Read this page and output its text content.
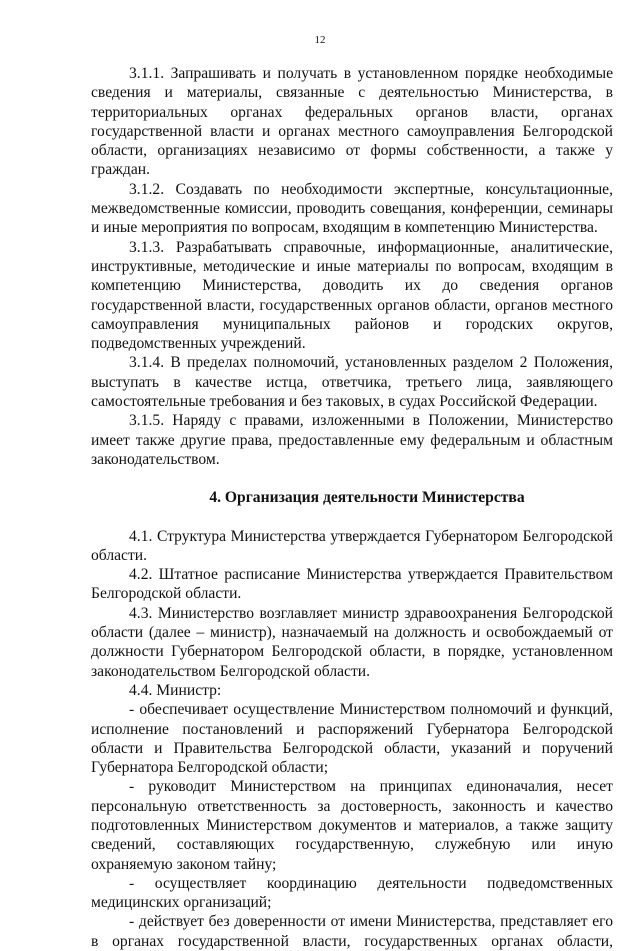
12

3.1.1. Запрашивать и получать в установленном порядке необходимые сведения и материалы, связанные с деятельностью Министерства, в территориальных органах федеральных органов власти, органах государственной власти и органах местного самоуправления Белгородской области, организациях независимо от формы собственности, а также у граждан.

3.1.2. Создавать по необходимости экспертные, консультационные, межведомственные комиссии, проводить совещания, конференции, семинары и иные мероприятия по вопросам, входящим в компетенцию Министерства.

3.1.3. Разрабатывать справочные, информационные, аналитические, инструктивные, методические и иные материалы по вопросам, входящим в компетенцию Министерства, доводить их до сведения органов государственной власти, государственных органов области, органов местного самоуправления муниципальных районов и городских округов, подведомственных учреждений.

3.1.4. В пределах полномочий, установленных разделом 2 Положения, выступать в качестве истца, ответчика, третьего лица, заявляющего самостоятельные требования и без таковых, в судах Российской Федерации.

3.1.5. Наряду с правами, изложенными в Положении, Министерство имеет также другие права, предоставленные ему федеральным и областным законодательством.

4. Организация деятельности Министерства

4.1. Структура Министерства утверждается Губернатором Белгородской области.

4.2. Штатное расписание Министерства утверждается Правительством Белгородской области.

4.3. Министерство возглавляет министр здравоохранения Белгородской области (далее – министр), назначаемый на должность и освобождаемый от должности Губернатором Белгородской области, в порядке, установленном законодательством Белгородской области.

4.4. Министр:

- обеспечивает осуществление Министерством полномочий и функций, исполнение постановлений и распоряжений Губернатора Белгородской области и Правительства Белгородской области, указаний и поручений Губернатора Белгородской области;

- руководит Министерством на принципах единоначалия, несет персональную ответственность за достоверность, законность и качество подготовленных Министерством документов и материалов, а также защиту сведений, составляющих государственную, служебную или иную охраняемую законом тайну;

- осуществляет координацию деятельности подведомственных медицинских организаций;

- действует без доверенности от имени Министерства, представляет его в органах государственной власти, государственных органах области,
